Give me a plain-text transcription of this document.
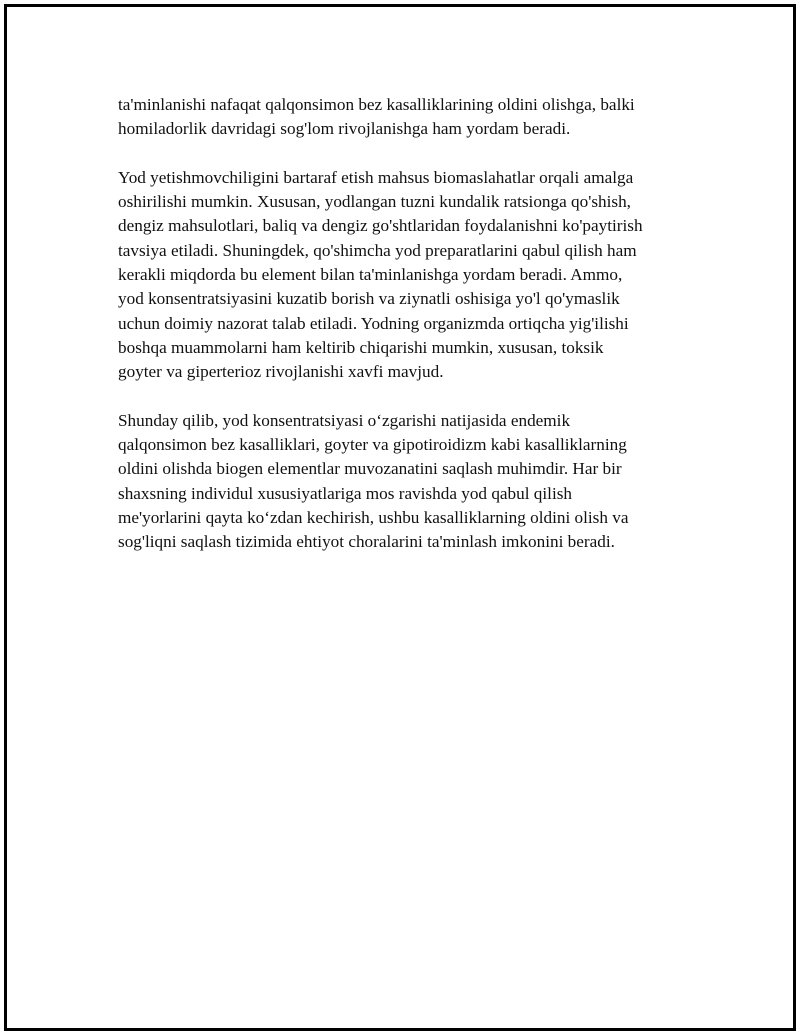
ta'minlanishi nafaqat qalqonsimon bez kasalliklarining oldini olishga, balki
homiladorlik davridagi sog'lom rivojlanishga ham yordam beradi.

Yod yetishmovchiligini bartaraf etish mahsus biomaslahatlar orqali amalga
oshirilishi mumkin. Xususan, yodlangan tuzni kundalik ratsionga qo'shish,
dengiz mahsulotlari, baliq va dengiz go'shtlaridan foydalanishni ko'paytirish
tavsiya etiladi. Shuningdek, qo'shimcha yod preparatlarini qabul qilish ham
kerakli miqdorda bu element bilan ta'minlanishga yordam beradi. Ammo,
yod konsentratsiyasini kuzatib borish va ziynatli oshisiga yo'l qo'ymaslik
uchun doimiy nazorat talab etiladi. Yodning organizmda ortiqcha yig'ilishi
boshqa muammolarni ham keltirib chiqarishi mumkin, xususan, toksik
goyter va giperterioz rivojlanishi xavfi mavjud.

Shunday qilib, yod konsentratsiyasi o‘zgarishi natijasida endemik
qalqonsimon bez kasalliklari, goyter va gipotiroidizm kabi kasalliklarning
oldini olishda biogen elementlar muvozanatini saqlash muhimdir. Har bir
shaxsning individul xususiyatlariga mos ravishda yod qabul qilish
me'yorlarini qayta ko‘zdan kechirish, ushbu kasalliklarning oldini olish va
sog'liqni saqlash tizimida ehtiyot choralarini ta'minlash imkonini beradi.
